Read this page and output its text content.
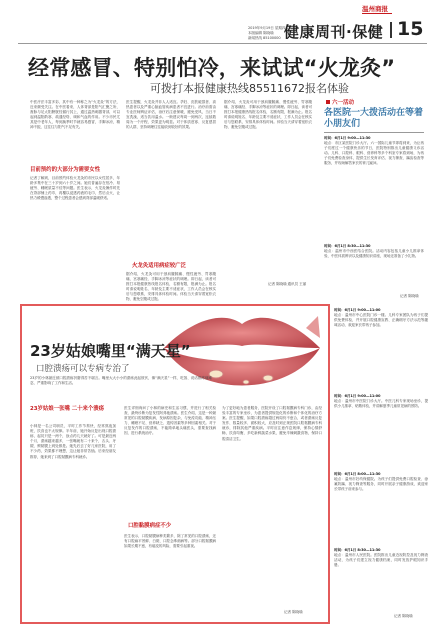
温州商报
2019年9月19日 星期四
本版编辑 陈晓瑜
新闻热线 85100000 健康周刊·保健 15
经常感冒、特别怕冷，来试试“火龙灸”
可拨打本报健康热线85511672报名体验
中医疗法丰富多彩，其中有一种称之为“火龙灸”的方法，近来颇受关注。在中医看来，人体背部是阳气汇聚之所，督脉与足太阳膀胱经循行其上，通过温热刺激背部，可以起到温阳散寒、疏通经络、调和气血的作用。不少市民尤其是中老年人，每到换季时节就容易感冒，手脚冰凉，精神不振，这往往与阳气不足有关。
目前预约的大部分为需要女性
记者了解到，目前预约体验火龙灸的市民以女性居多，年龄多集中在三十岁到六十岁之间。她们普遍存在怕冷、易疲劳、睡眠质量不佳等问题。医生表示，火龙灸操作时先在背部铺上药巾，再覆以浸透药液的毛巾，然后点火，让热力缓慢渗透，整个过程患者会感到背部温暖舒适。
医生提醒，火龙灸并非人人适宜。孕妇、皮肤破损者、高热患者以及严重心脑血管疾病患者不宜进行。治疗前需由专业医师辨证评估，治疗后注意保暖，避免受风，当日不宜洗澡，适当饮用温水。一般建议每周一到两次，连续数周为一个疗程，效果更为明显。对于体质虚寒、反复感冒的人群，坚持调理往往能收到较好的效果。
火龙灸适用病症较广泛
据介绍，火龙灸可用于颈肩腰腿痛、慢性疲劳、胃寒腹痛、宫寒痛经、手脚冰凉等症状的调理。即日起，读者可拨打本报健康热线报名体验，名额有限，报满为止。报名时请说明姓名、年龄及主要不适症状，工作人员会在核实后与您联系，安排具体体验时间。体验当天请穿着宽松衣物，避免空腹或过饱。
据介绍，火龙灸可用于颈肩腰腿痛、慢性疲劳、胃寒腹痛、宫寒痛经、手脚冰凉等症状的调理。即日起，读者可拨打本报健康热线报名体验，名额有限，报满为止。报名时请说明姓名、年龄及主要不适症状，工作人员会在核实后与您联系，安排具体体验时间。体验当天请穿着宽松衣物，避免空腹或过饱。
记者 陈晓瑜 通讯员 王丽
六一活动
各医院一大拨活动在等着小朋友们
时间：6月1日 9:00—11:30
地点：市区某医院门诊大厅。六一国际儿童节即将到来，为让孩子们度过一个健康快乐的节日，医院特别推出儿童健康义诊活动。儿科、口腔科、眼科、营养科等多个科室专家将到场，为孩子们免费检查身体，提供生长发育评估、视力筛查、龋齿检查等服务，并现场解答家长的育儿疑问。
时间：6月1日 8:30—11:30
地点：温州市中西医结合医院。活动内容包括儿童小儿推拿体验、中医体质辨识以及健康知识讲座，现场还准备了小礼物。
记者 陈晓瑜
23岁姑娘嘴里“满天星”
口腔溃疡可以专病专治了
23岁的小林最近被口腔溃疡折磨得苦不堪言。嘴里大大小小的溃疡此起彼伏，像“满天星”一样，吃饭、说话都疼痛难忍，严重影响了工作和生活。
23岁姑娘一张嘴 二十来个溃疡
小林是一名公司职员，平时工作节奏快，经常熬夜加班，饮食也不太规律。半年前，她开始反复出现口腔溃疡，起初只是一两个，涂点药几天就好了。可是最近两个月，溃疡越来越多，一张嘴就有二十来个，舌头、牙龈、颊黏膜上到处都是。她先后去了好几家医院，用了不少药，效果都不理想，这让她非常苦恼。后来经朋友推荐，她来到了口腔黏膜病专科就诊。
医生详细询问了小林的病史和生活习惯，并进行了相关检查，最终诊断为复发性阿弗他溃疡。医生介绍，这是一种最常见的口腔黏膜疾病，发病原因复杂，与免疫功能、精神压力、睡眠不足、营养缺乏、遗传因素等多种因素相关。对于反复发作的口腔溃疡，不能简单地头痛医头，需要查找病因，进行系统治疗。
口腔黏膜病症不少
医生表示，口腔黏膜病种类繁多，除了常见的口腔溃疡，还有口腔扁平苔藓、白斑、口腔念珠菌病等。部分口腔黏膜病如果长期不愈，有癌变的风险，需要引起重视。
为了更好地为患者服务，医院开设了口腔黏膜病专科门诊，由经验丰富的专家坐诊，为患者提供规范化的诊断和个体化的治疗方案。医生提醒，如果口腔溃疡超过两周仍不愈合，或者溃疡反复发作、数量较多、面积较大，应及时到正规医院口腔黏膜病专科就诊，排除其他严重疾病。平时应注意作息规律，保持心情舒畅，饮食均衡，多吃新鲜蔬菜水果，避免辛辣刺激食物，保持口腔清洁卫生。
记者 陈晓瑜
时间：6月1日 9:00—11:00
地点：温州市中心医院门诊一楼。儿科专家团队为孩子们提供免费体检，并开展口腔健康宣教、正确刷牙方法示范等趣味活动，欢迎家长带孩子参加。
时间：6月1日 9:00—11:00
地点：温州市中医院门诊大厅。中医儿科专家现场坐诊，提供小儿推拿、贴敷体验，并讲解夏季儿童常见病的预防。
时间：6月1日 8:00—11:30
地点：温州市妇幼保健院。为孩子们提供免费口腔检查、涂氟防龋、视力筛查等服务，同时开展亲子健康游戏，欢迎家长带孩子前来参与。
时间：6月1日 8:30—11:30
地点：温州市人民医院。医院推出儿童近视防控及视力筛查活动，为孩子们建立视力健康档案，同时发放护眼知识手册。
记者 陈晓瑜
